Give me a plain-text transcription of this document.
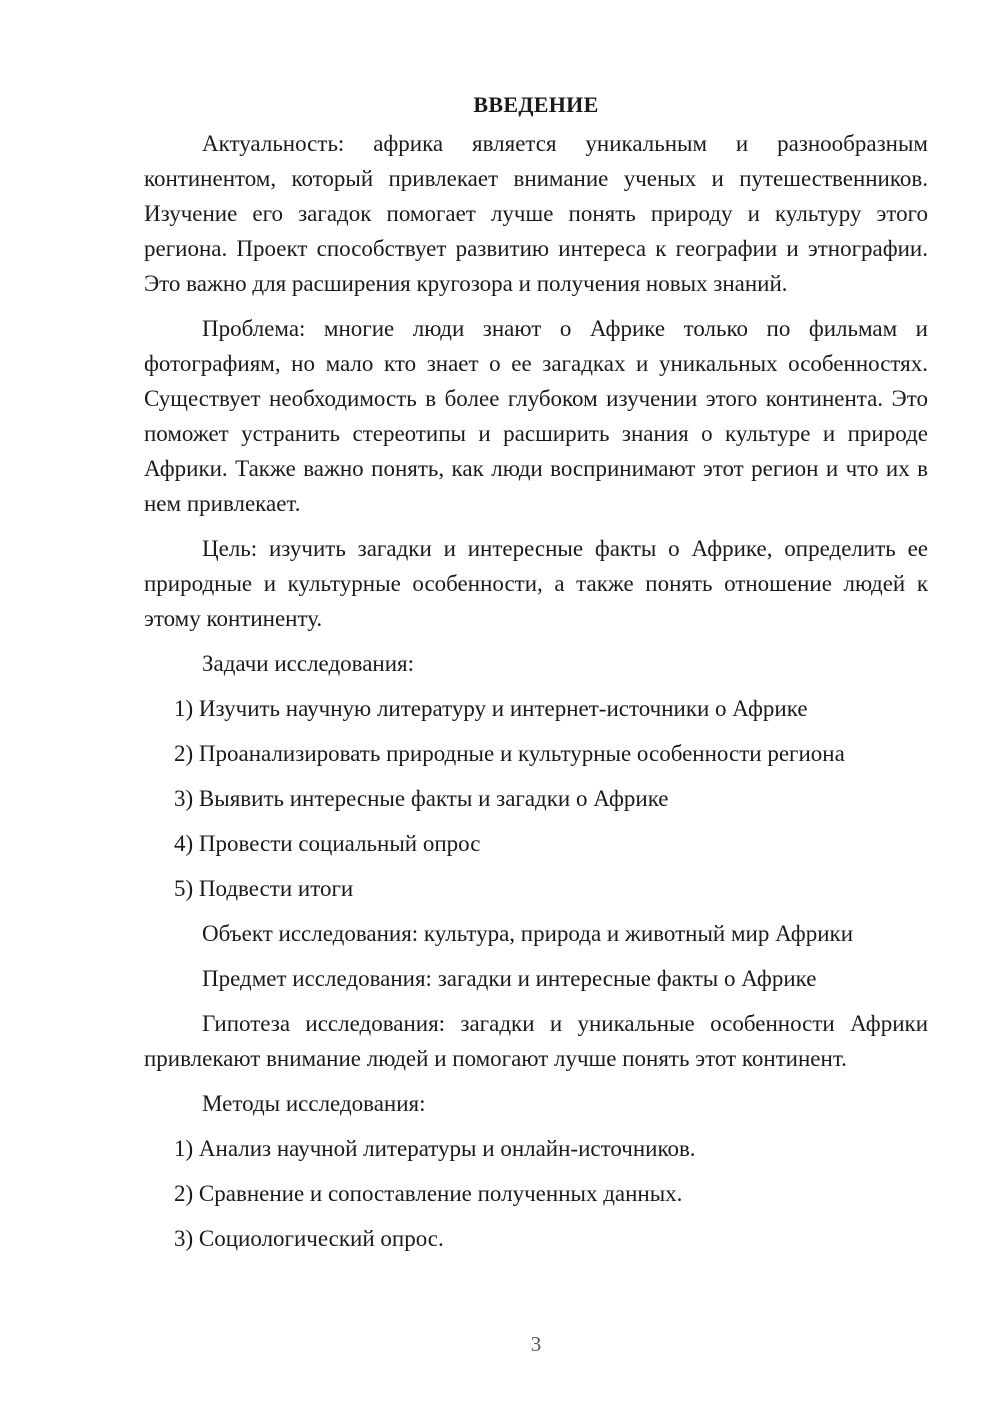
ВВЕДЕНИЕ

Актуальность: африка является уникальным и разнообразным континентом, который привлекает внимание ученых и путешественников. Изучение его загадок помогает лучше понять природу и культуру этого региона. Проект способствует развитию интереса к географии и этнографии. Это важно для расширения кругозора и получения новых знаний.

Проблема: многие люди знают о Африке только по фильмам и фотографиям, но мало кто знает о ее загадках и уникальных особенностях. Существует необходимость в более глубоком изучении этого континента. Это поможет устранить стереотипы и расширить знания о культуре и природе Африки. Также важно понять, как люди воспринимают этот регион и что их в нем привлекает.

Цель: изучить загадки и интересные факты о Африке, определить ее природные и культурные особенности, а также понять отношение людей к этому континенту.

Задачи исследования:
1) Изучить научную литературу и интернет-источники о Африке
2) Проанализировать природные и культурные особенности региона
3) Выявить интересные факты и загадки о Африке
4) Провести социальный опрос
5) Подвести итоги
Объект исследования: культура, природа и животный мир Африки
Предмет исследования: загадки и интересные факты о Африке

Гипотеза исследования: загадки и уникальные особенности Африки привлекают внимание людей и помогают лучше понять этот континент.

Методы исследования:
1) Анализ научной литературы и онлайн-источников.
2) Сравнение и сопоставление полученных данных.
3) Социологический опрос.
3
